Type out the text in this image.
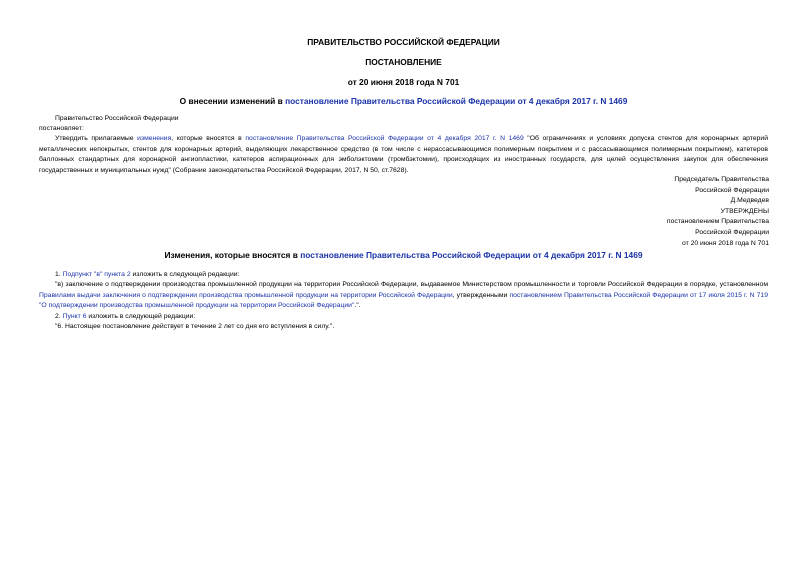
ПРАВИТЕЛЬСТВО РОССИЙСКОЙ ФЕДЕРАЦИИ
ПОСТАНОВЛЕНИЕ
от 20 июня 2018 года N 701
О внесении изменений в постановление Правительства Российской Федерации от 4 декабря 2017 г. N 1469
Правительство Российской Федерации
постановляет:
Утвердить прилагаемые изменения, которые вносятся в постановление Правительства Российской Федерации от 4 декабря 2017 г. N 1469 "Об ограничениях и условиях допуска стентов для коронарных артерий металлических непокрытых, стентов для коронарных артерий, выделяющих лекарственное средство (в том числе с нерассасывающимся полимерным покрытием и с рассасывающимся полимерным покрытием), катетеров баллонных стандартных для коронарной ангиопластики, катетеров аспирационных для эмболэктомии (тромбэктомии), происходящих из иностранных государств, для целей осуществления закупок для обеспечения государственных и муниципальных нужд" (Собрание законодательства Российской Федерации, 2017, N 50, ст.7628).
Председатель Правительства
Российской Федерации
Д.Медведев
УТВЕРЖДЕНЫ
постановлением Правительства
Российской Федерации
от 20 июня 2018 года N 701
Изменения, которые вносятся в постановление Правительства Российской Федерации от 4 декабря 2017 г. N 1469
1. Подпункт "в" пункта 2 изложить в следующей редакции:
"в) заключение о подтверждении производства промышленной продукции на территории Российской Федерации, выдаваемое Министерством промышленности и торговли Российской Федерации в порядке, установленном Правилами выдачи заключения о подтверждении производства промышленной продукции на территории Российской Федерации, утвержденными постановлением Правительства Российской Федерации от 17 июля 2015 г. N 719 "О подтверждении производства промышленной продукции на территории Российской Федерации".".
2. Пункт 6 изложить в следующей редакции:
"6. Настоящее постановление действует в течение 2 лет со дня его вступления в силу.".
